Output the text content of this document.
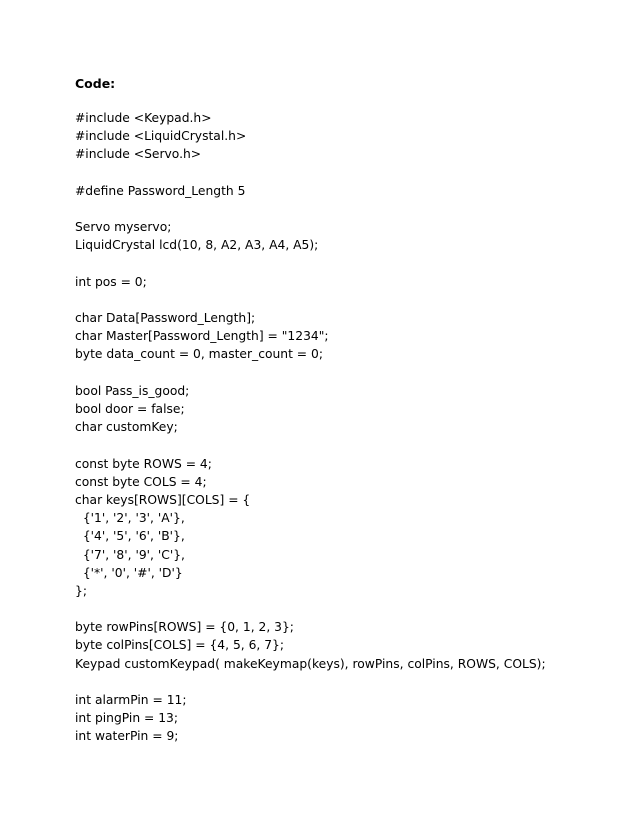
Code:
#include <Keypad.h>
#include <LiquidCrystal.h>
#include <Servo.h>
#define Password_Length 5
Servo myservo;
LiquidCrystal lcd(10, 8, A2, A3, A4, A5);
int pos = 0;
char Data[Password_Length];
char Master[Password_Length] = "1234";
byte data_count = 0, master_count = 0;
bool Pass_is_good;
bool door = false;
char customKey;
const byte ROWS = 4;
const byte COLS = 4;
char keys[ROWS][COLS] = {
{'1', '2', '3', 'A'},
{'4', '5', '6', 'B'},
{'7', '8', '9', 'C'},
{'*', '0', '#', 'D'}
};
byte rowPins[ROWS] = {0, 1, 2, 3};
byte colPins[COLS] = {4, 5, 6, 7};
Keypad customKeypad( makeKeymap(keys), rowPins, colPins, ROWS, COLS);
int alarmPin = 11;
int pingPin = 13;
int waterPin = 9;
